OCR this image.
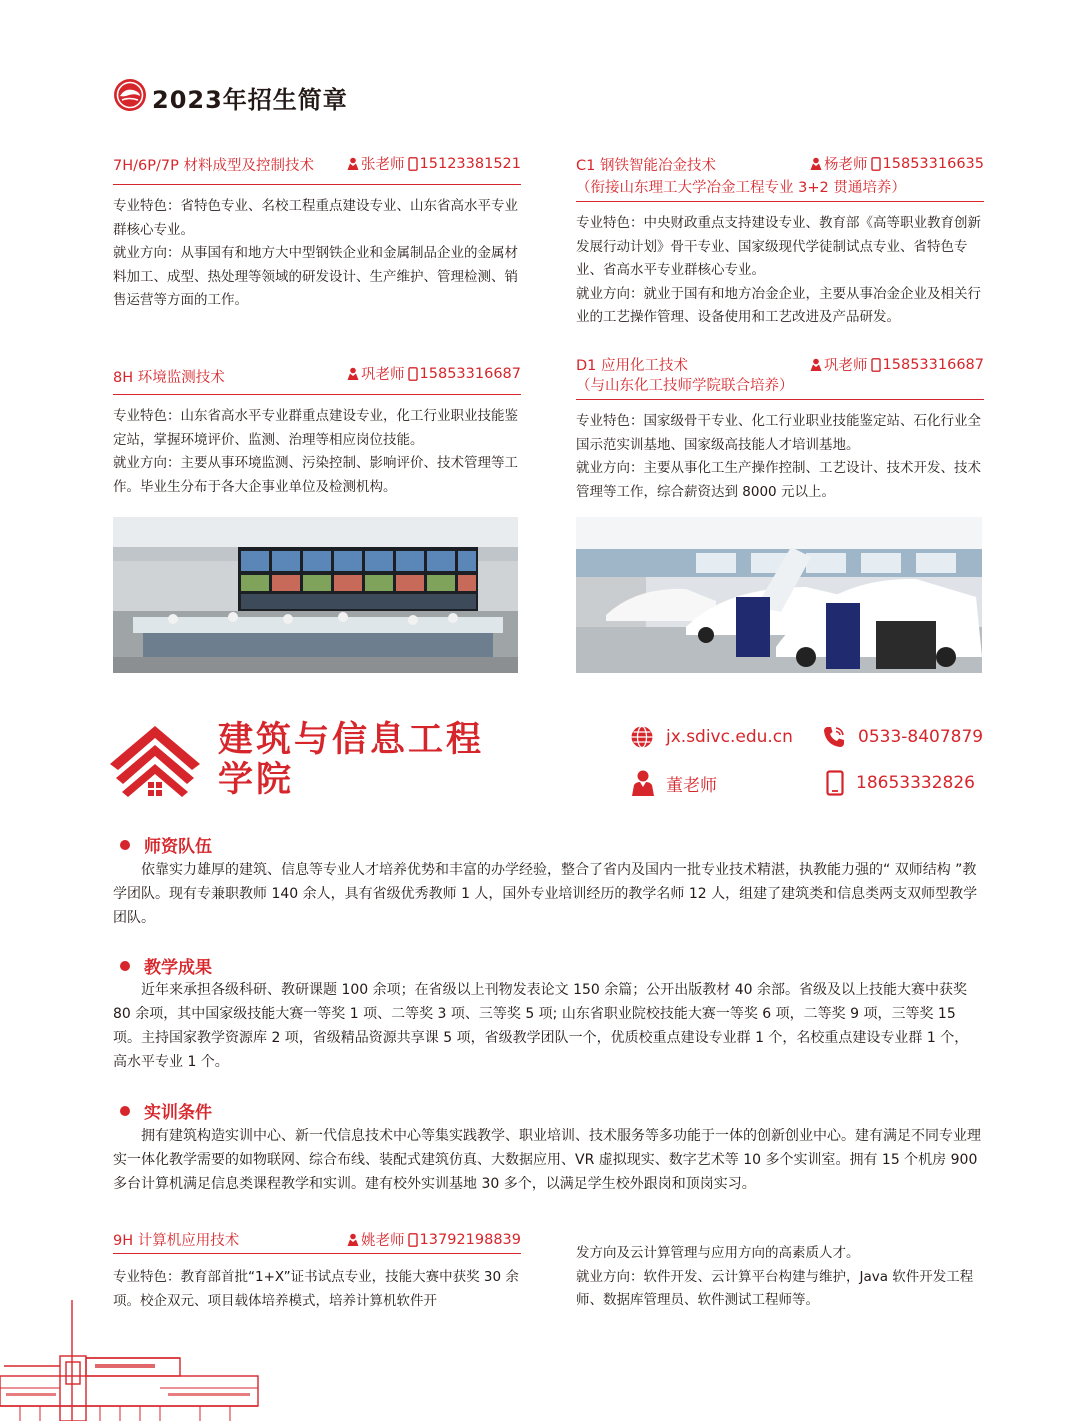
2023年招生简章
7H/6P/7P 材料成型及控制技术	张老师 15123381521
专业特色：省特色专业、名校工程重点建设专业、山东省高水平专业群核心专业。
就业方向：从事国有和地方大中型钢铁企业和金属制品企业的金属材料加工、成型、热处理等领域的研发设计、生产维护、管理检测、销售运营等方面的工作。
C1 钢铁智能冶金技术
（衔接山东理工大学冶金工程专业 3+2 贯通培养）
杨老师 15853316635
专业特色：中央财政重点支持建设专业、教育部《高等职业教育创新发展行动计划》骨干专业、国家级现代学徒制试点专业、省特色专业、省高水平专业群核心专业。
就业方向：就业于国有和地方冶金企业，主要从事冶金企业及相关行业的工艺操作管理、设备使用和工艺改进及产品研发。
8H 环境监测技术	巩老师 15853316687
专业特色：山东省高水平专业群重点建设专业，化工行业职业技能鉴定站，掌握环境评价、监测、治理等相应岗位技能。
就业方向：主要从事环境监测、污染控制、影响评价、技术管理等工作。毕业生分布于各大企事业单位及检测机构。
D1 应用化工技术
（与山东化工技师学院联合培养）
巩老师 15853316687
专业特色：国家级骨干专业、化工行业职业技能鉴定站、石化行业全国示范实训基地、国家级高技能人才培训基地。
就业方向：主要从事化工生产操作控制、工艺设计、技术开发、技术管理等工作，综合薪资达到 8000 元以上。
建筑与信息工程
学院
jx.sdivc.edu.cn	0533-8407879
董老师	18653332826
师资队伍
依靠实力雄厚的建筑、信息等专业人才培养优势和丰富的办学经验，整合了省内及国内一批专业技术精湛，执教能力强的“ 双师结构 ”教学团队。现有专兼职教师 140 余人，具有省级优秀教师 1 人，国外专业培训经历的教学名师 12 人，组建了建筑类和信息类两支双师型教学团队。
教学成果
近年来承担各级科研、教研课题 100 余项；在省级以上刊物发表论文 150 余篇；公开出版教材 40 余部。省级及以上技能大赛中获奖 80 余项，其中国家级技能大赛一等奖 1 项、二等奖 3 项、三等奖 5 项; 山东省职业院校技能大赛一等奖 6 项，二等奖 9 项，三等奖 15 项。主持国家教学资源库 2 项，省级精品资源共享课 5 项，省级教学团队一个，优质校重点建设专业群 1 个，名校重点建设专业群 1 个，高水平专业 1 个。
实训条件
拥有建筑构造实训中心、新一代信息技术中心等集实践教学、职业培训、技术服务等多功能于一体的创新创业中心。建有满足不同专业理实一体化教学需要的如物联网、综合布线、装配式建筑仿真、大数据应用、VR 虚拟现实、数字艺术等 10 多个实训室。拥有 15 个机房 900 多台计算机满足信息类课程教学和实训。建有校外实训基地 30 多个，以满足学生校外跟岗和顶岗实习。
9H 计算机应用技术	姚老师 13792198839
专业特色：教育部首批“1+X”证书试点专业，技能大赛中获奖 30 余项。校企双元、项目载体培养模式，培养计算机软件开
发方向及云计算管理与应用方向的高素质人才。
就业方向：软件开发、云计算平台构建与维护，Java 软件开发工程师、数据库管理员、软件测试工程师等。
